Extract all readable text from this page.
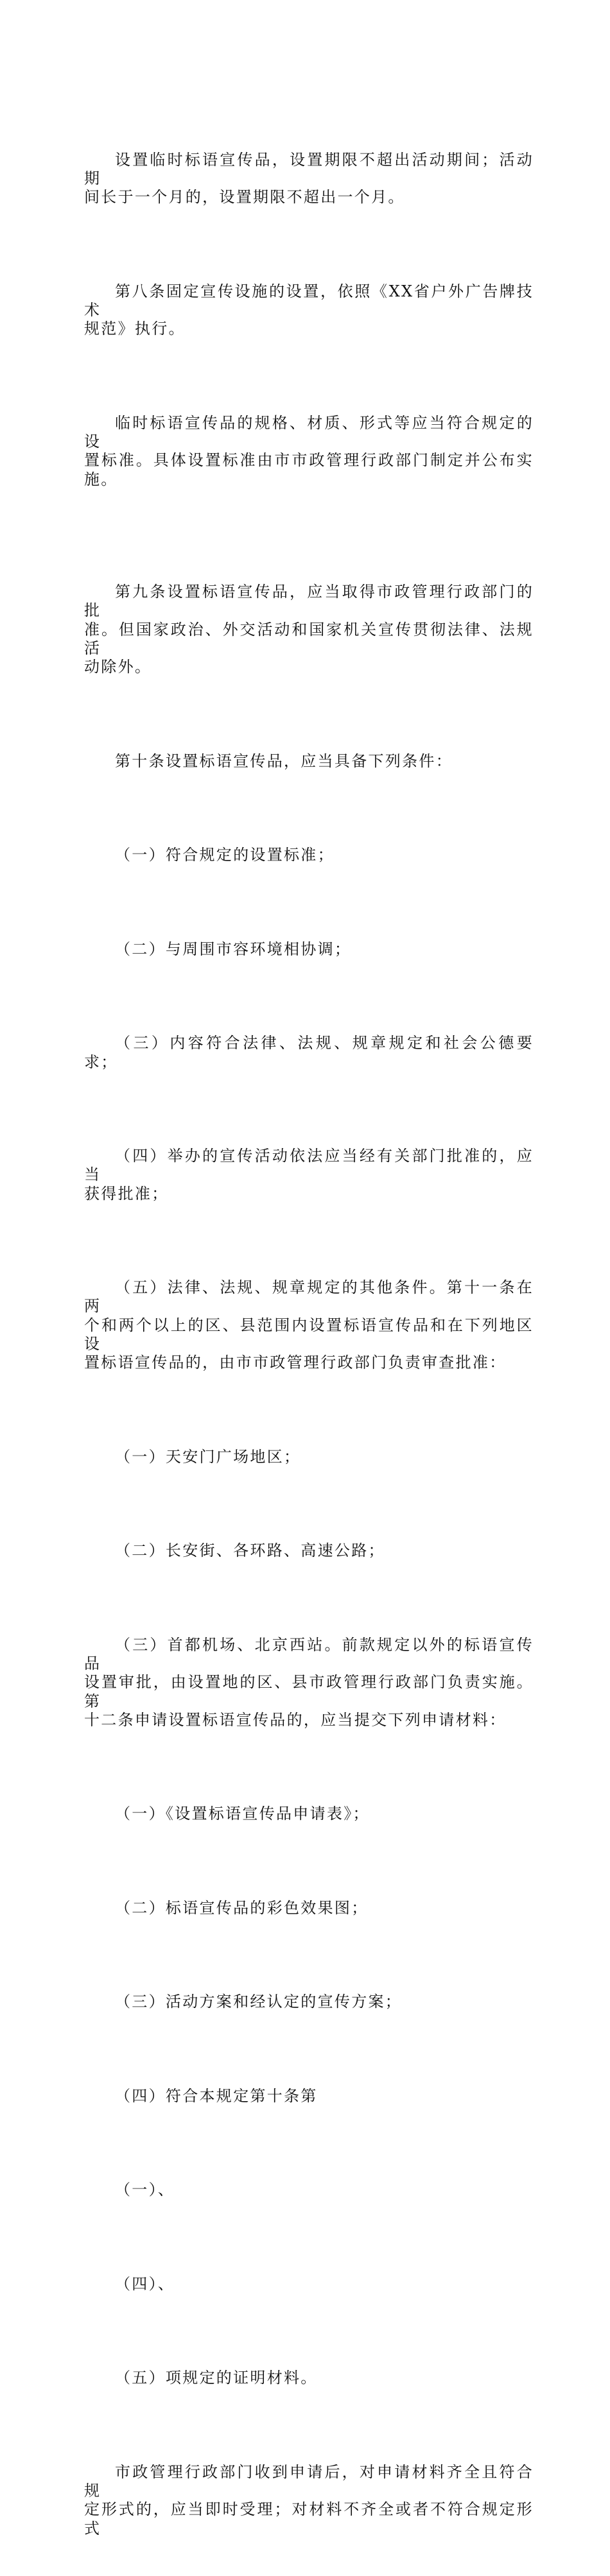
设置临时标语宣传品，设置期限不超出活动期间；活动期
间长于一个月的，设置期限不超出一个月。

第八条固定宣传设施的设置，依照《XX省户外广告牌技术
规范》执行。

临时标语宣传品的规格、材质、形式等应当符合规定的设
置标准。具体设置标准由市市政管理行政部门制定并公布实施。

第九条设置标语宣传品，应当取得市政管理行政部门的批
准。但国家政治、外交活动和国家机关宣传贯彻法律、法规活
动除外。

第十条设置标语宣传品，应当具备下列条件：

（一）符合规定的设置标准；

（二）与周围市容环境相协调；

（三）内容符合法律、法规、规章规定和社会公德要求；

（四）举办的宣传活动依法应当经有关部门批准的，应当
获得批准；

（五）法律、法规、规章规定的其他条件。第十一条在两
个和两个以上的区、县范围内设置标语宣传品和在下列地区设
置标语宣传品的，由市市政管理行政部门负责审查批准：

（一）天安门广场地区；

（二）长安街、各环路、高速公路；

（三）首都机场、北京西站。前款规定以外的标语宣传品
设置审批，由设置地的区、县市政管理行政部门负责实施。第
十二条申请设置标语宣传品的，应当提交下列申请材料：

（一）《设置标语宣传品申请表》；

（二）标语宣传品的彩色效果图；

（三）活动方案和经认定的宣传方案；

（四）符合本规定第十条第

（一）、

（四）、

（五）项规定的证明材料。

市政管理行政部门收到申请后，对申请材料齐全且符合规
定形式的，应当即时受理；对材料不齐全或者不符合规定形式
